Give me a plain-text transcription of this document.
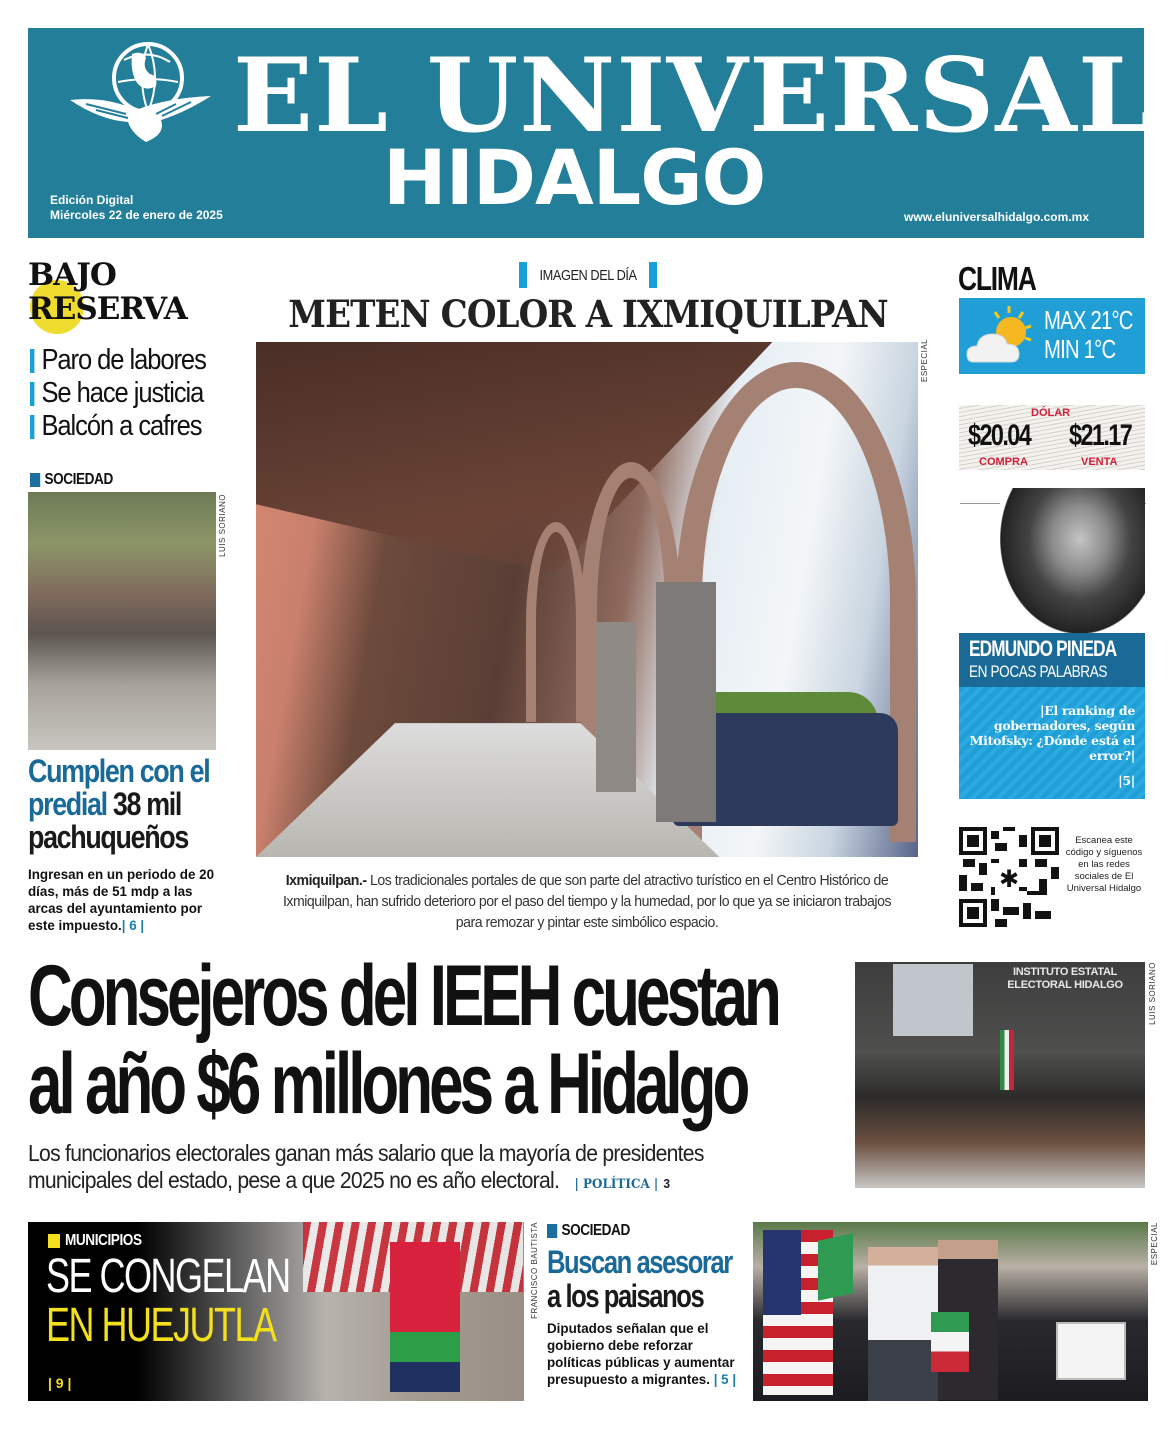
EL UNIVERSAL
HIDALGO
Edición Digital
Miércoles 22 de enero de 2025	www.eluniversalhidalgo.com.mx
BAJO
RESERVA
Paro de labores
Se hace justicia
Balcón a cafres
SOCIEDAD
LUIS SORIANO
Cumplen con el predial 38 mil pachuqueños

Ingresan en un periodo de 20 días, más de 51 mdp a las arcas del ayuntamiento por este impuesto.| 6 |

IMAGEN DEL DÍA
METEN COLOR A IXMIQUILPAN
ESPECIAL

Ixmiquilpan.- Los tradicionales portales de que son parte del atractivo turístico en el Centro Histórico de Ixmiquilpan, han sufrido deterioro por el paso del tiempo y la humedad, por lo que ya se iniciaron trabajos para remozar y pintar este simbólico espacio.

CLIMA
MAX 21°C
MIN 1°C
DÓLAR
$20.04 $21.17
COMPRA	VENTA
EDMUNDO PINEDA
EN POCAS PALABRAS
|El ranking de gobernadores, según Mitofsky: ¿Dónde está el error?|
|5|
✱

Escanea este código y síguenos en las redes sociales de El Universal Hidalgo

Consejeros del IEEH cuestan
al año $6 millones a Hidalgo
Los funcionarios electorales ganan más salario que la mayoría de presidentes
municipales del estado, pese a que 2025 no es año electoral. | POLÍTICA | 3
INSTITUTO ESTATAL ELECTORAL HIDALGO	LUIS SORIANO
MUNICIPIOS
SE CONGELAN
EN HUEJUTLA
| 9 |
FRANCISCO BAUTISTA SOCIEDAD
Buscan asesorar
a los paisanos

Diputados señalan que el gobierno debe reforzar políticas públicas y aumentar presupuesto a migrantes. | 5 |

ESPECIAL
